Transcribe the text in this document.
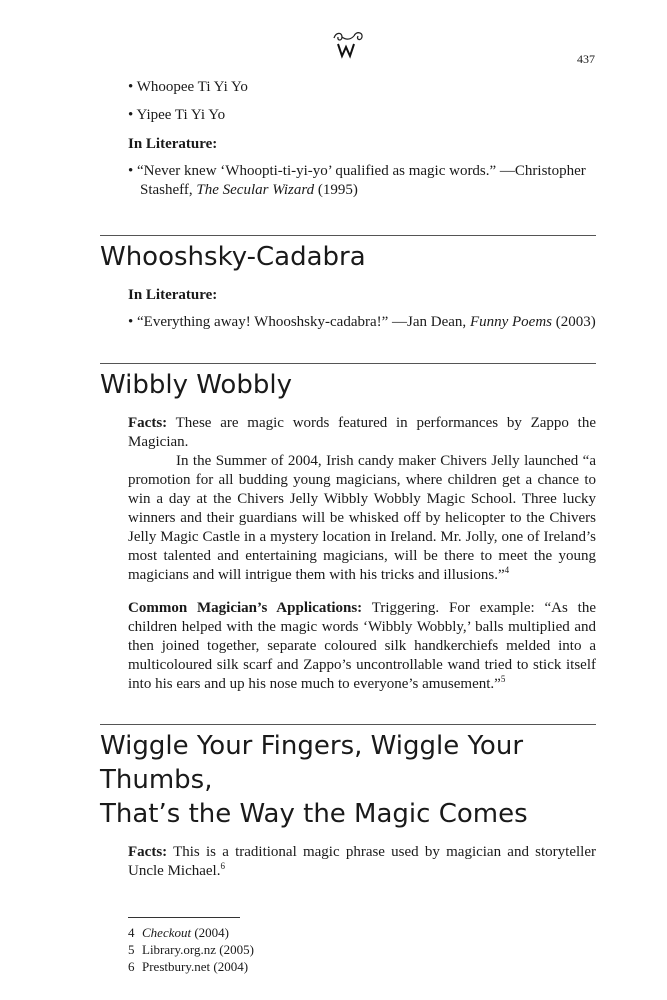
437

• Whoopee Ti Yi Yo

• Yipee Ti Yi Yo

In Literature:

• “Never knew ‘Whoopti-ti-yi-yo’ qualified as magic words.” —Christopher Stasheff, The Secular Wizard (1995)

Whooshsky-Cadabra

In Literature:

• “Everything away! Whooshsky-cadabra!” —Jan Dean, Funny Poems (2003)

Wibbly Wobbly

Facts: These are magic words featured in performances by Zappo the Magician.

In the Summer of 2004, Irish candy maker Chivers Jelly launched “a promotion for all budding young magicians, where children get a chance to win a day at the Chivers Jelly Wibbly Wobbly Magic School. Three lucky winners and their guardians will be whisked off by helicopter to the Chivers Jelly Magic Castle in a mystery location in Ireland. Mr. Jolly, one of Ireland’s most talented and entertaining magicians, will be there to meet the young magicians and will intrigue them with his tricks and illusions.”$^4$

Common Magician’s Applications: Triggering. For example: “As the children helped with the magic words ‘Wibbly Wobbly,’ balls multiplied and then joined together, separate coloured silk handkerchiefs melded into a multicoloured silk scarf and Zappo’s uncontrollable wand tried to stick itself into his ears and up his nose much to everyone’s amusement.”$^5$

Wiggle Your Fingers, Wiggle Your Thumbs,
That’s the Way the Magic Comes

Facts: This is a traditional magic phrase used by magician and storyteller Uncle Michael.$^6$

4 Checkout (2004)
5 Library.org.nz (2005)
6 Prestbury.net (2004)
